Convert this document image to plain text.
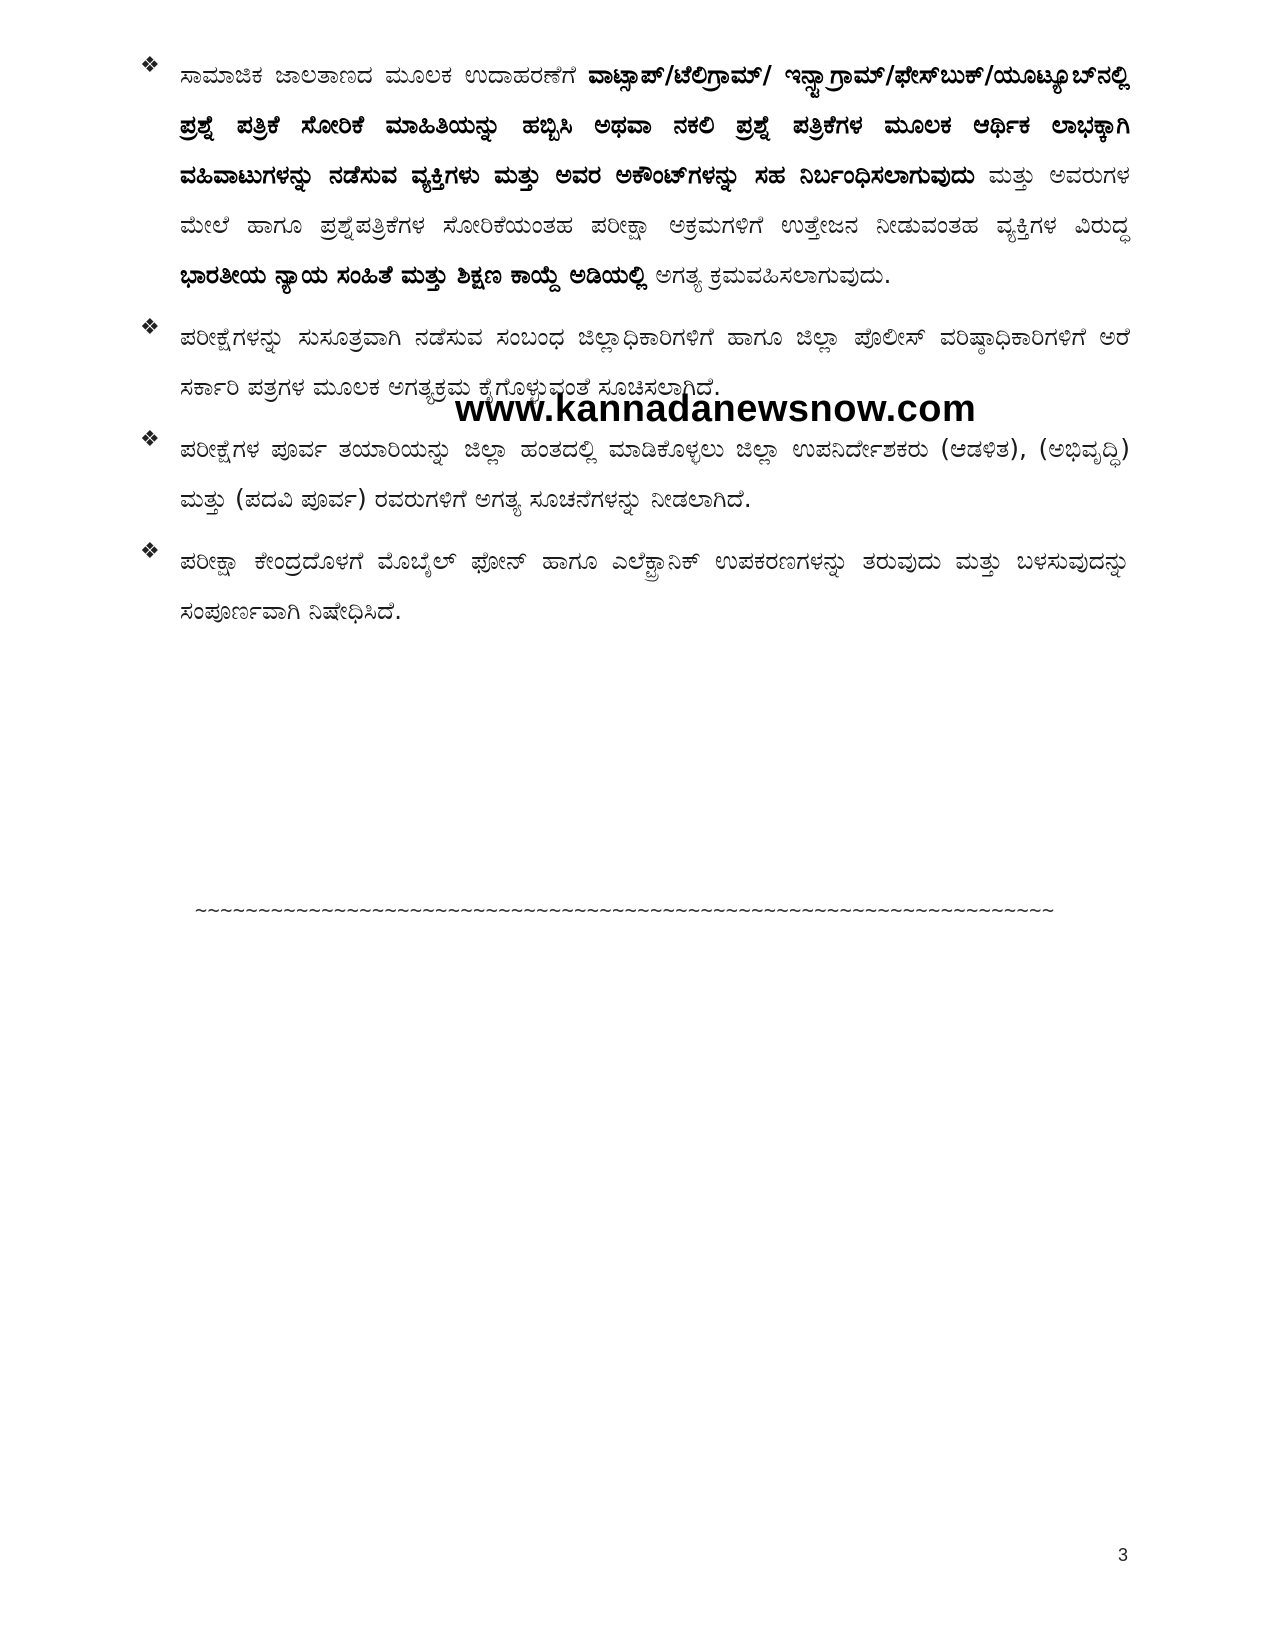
❖ ಸಾಮಾಜಿಕ ಜಾಲತಾಣದ ಮೂಲಕ ಉದಾಹರಣೆಗೆ ವಾಟ್ಸಾಪ್/ಟೆಲಿಗ್ರಾಮ್/ ಇನ್ಸ್ಟಾಗ್ರಾಮ್/ಫೇಸ್‌ಬುಕ್/ಯೂಟ್ಯೂಬ್‌ನಲ್ಲಿ ಪ್ರಶ್ನೆ ಪತ್ರಿಕೆ ಸೋರಿಕೆ ಮಾಹಿತಿಯನ್ನು ಹಬ್ಬಿಸಿ ಅಥವಾ ನಕಲಿ ಪ್ರಶ್ನೆ ಪತ್ರಿಕೆಗಳ ಮೂಲಕ ಆರ್ಥಿಕ ಲಾಭಕ್ಕಾಗಿ ವಹಿವಾಟುಗಳನ್ನು ನಡೆಸುವ ವ್ಯಕ್ತಿಗಳು ಮತ್ತು ಅವರ ಅಕೌಂಟ್‌ಗಳನ್ನು ಸಹ ನಿರ್ಬಂಧಿಸಲಾಗುವುದು ಮತ್ತು ಅವರುಗಳ ಮೇಲೆ ಹಾಗೂ ಪ್ರಶ್ನೆಪತ್ರಿಕೆಗಳ ಸೋರಿಕೆಯಂತಹ ಪರೀಕ್ಷಾ ಅಕ್ರಮಗಳಿಗೆ ಉತ್ತೇಜನ ನೀಡುವಂತಹ ವ್ಯಕ್ತಿಗಳ ವಿರುದ್ಧ ಭಾರತೀಯ ನ್ಯಾಯ ಸಂಹಿತೆ ಮತ್ತು ಶಿಕ್ಷಣ ಕಾಯ್ದೆ ಅಡಿಯಲ್ಲಿ ಅಗತ್ಯ ಕ್ರಮವಹಿಸಲಾಗುವುದು.

❖ ಪರೀಕ್ಷೆಗಳನ್ನು ಸುಸೂತ್ರವಾಗಿ ನಡೆಸುವ ಸಂಬಂಧ ಜಿಲ್ಲಾಧಿಕಾರಿಗಳಿಗೆ ಹಾಗೂ ಜಿಲ್ಲಾ ಪೊಲೀಸ್ ವರಿಷ್ಠಾಧಿಕಾರಿಗಳಿಗೆ ಅರೆ ಸರ್ಕಾರಿ ಪತ್ರಗಳ ಮೂಲಕ ಅಗತ್ಯಕ್ರಮ ಕೈಗೊಳ್ಳುವಂತೆ ಸೂಚಿಸಲಾಗಿದೆ.

❖ ಪರೀಕ್ಷೆಗಳ ಪೂರ್ವ ತಯಾರಿಯನ್ನು ಜಿಲ್ಲಾ ಹಂತದಲ್ಲಿ ಮಾಡಿಕೊಳ್ಳಲು ಜಿಲ್ಲಾ ಉಪನಿರ್ದೇಶಕರು (ಆಡಳಿತ), (ಅಭಿವೃದ್ಧಿ) ಮತ್ತು (ಪದವಿ ಪೂರ್ವ) ರವರುಗಳಿಗೆ ಅಗತ್ಯ ಸೂಚನೆಗಳನ್ನು ನೀಡಲಾಗಿದೆ.

❖ ಪರೀಕ್ಷಾ ಕೇಂದ್ರದೊಳಗೆ ಮೊಬೈಲ್ ಫೋನ್ ಹಾಗೂ ಎಲೆಕ್ಟ್ರಾನಿಕ್ ಉಪಕರಣಗಳನ್ನು ತರುವುದು ಮತ್ತು ಬಳಸುವುದನ್ನು ಸಂಪೂರ್ಣವಾಗಿ ನಿಷೇಧಿಸಿದೆ.

www.kannadanewsnow.com
~~~~~~~~~~~~~~~~~~~~~~~~~~~~~~~~~~~~~~~~~~~~~~~~~~~~~~~~~~~~~~~~~~~~
3
